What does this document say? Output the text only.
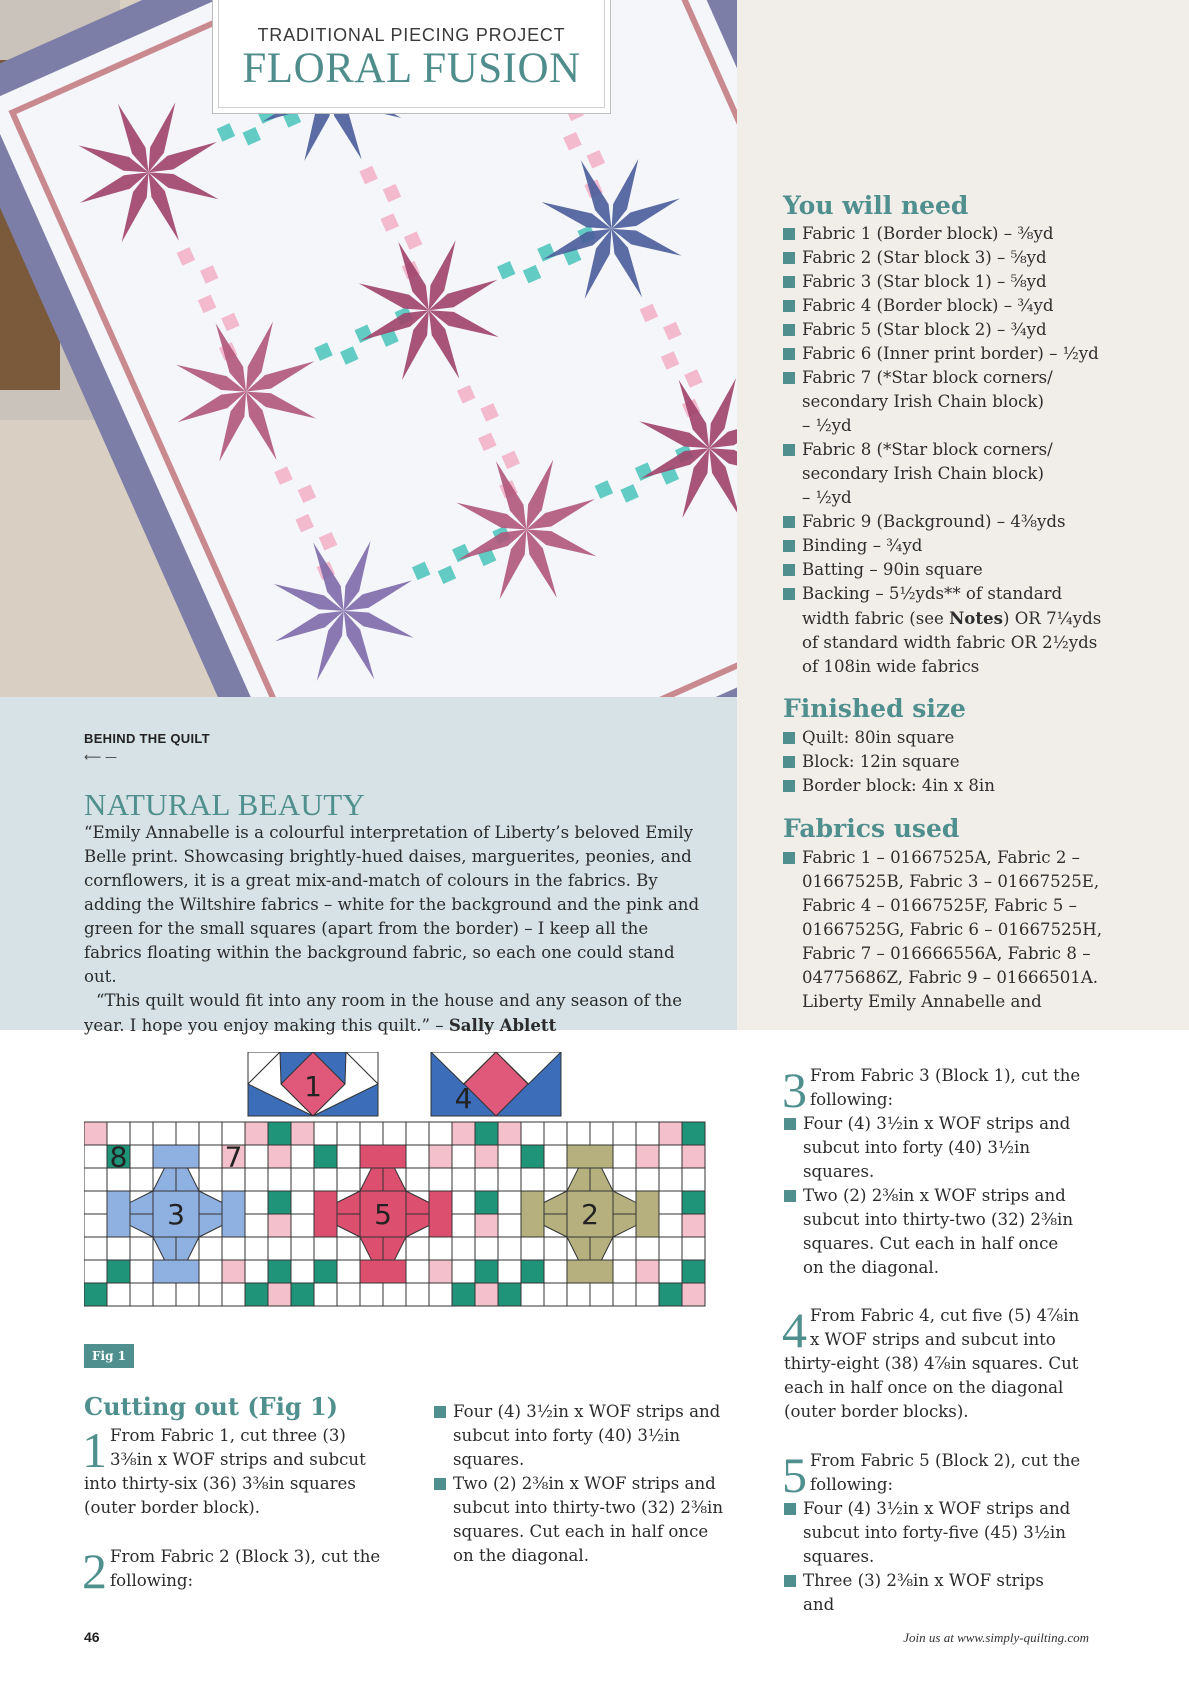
TRADITIONAL PIECING PROJECT
FLORAL FUSION
You will need
Fabric 1 (Border block) – ⅜yd
Fabric 2 (Star block 3) – ⅝yd
Fabric 3 (Star block 1) – ⅝yd
Fabric 4 (Border block) – ¾yd
Fabric 5 (Star block 2) – ¾yd
Fabric 6 (Inner print border) – ½yd
Fabric 7 (*Star block corners/ secondary Irish Chain block) – ½yd
Fabric 8 (*Star block corners/ secondary Irish Chain block) – ½yd
Fabric 9 (Background) – 4⅜yds
Binding – ¾yd
Batting – 90in square
Backing – 5½yds** of standard width fabric (see Notes) OR 7¼yds of standard width fabric OR 2½yds of 108in wide fabrics
Finished size
Quilt: 80in square
Block: 12in square
Border block: 4in x 8in
Fabrics used
Fabric 1 – 01667525A, Fabric 2 – 01667525B, Fabric 3 – 01667525E, Fabric 4 – 01667525F, Fabric 5 – 01667525G, Fabric 6 – 01667525H, Fabric 7 – 016666556A, Fabric 8 – 04775686Z, Fabric 9 – 01666501A. Liberty Emily Annabelle and
BEHIND THE QUILT
⟵ —
NATURAL BEAUTY

“Emily Annabelle is a colourful interpretation of Liberty’s beloved Emily Belle print. Showcasing brightly-hued daises, marguerites, peonies, and cornflowers, it is a great mix-and-match of colours in the fabrics. By adding the Wiltshire fabrics – white for the background and the pink and green for the small squares (apart from the border) – I keep all the fabrics floating within the background fabric, so each one could stand out.

“This quilt would fit into any room in the house and any season of the year. I hope you enjoy making this quilt.” – Sally Ablett

1	4
3
8	7
5	2
Fig 1
Cutting out (Fig 1)
1 From Fabric 1, cut three (3) 3⅜in x WOF strips and subcut into thirty-six (36) 3⅜in squares (outer border block).
2 From Fabric 2 (Block 3), cut the following:
Four (4) 3½in x WOF strips and subcut into forty (40) 3½in squares.
Two (2) 2⅜in x WOF strips and subcut into thirty-two (32) 2⅜in squares. Cut each in half once on the diagonal.
3 From Fabric 3 (Block 1), cut the following:
Four (4) 3½in x WOF strips and subcut into forty (40) 3½in squares.
Two (2) 2⅜in x WOF strips and subcut into thirty-two (32) 2⅜in squares. Cut each in half once on the diagonal.
4 From Fabric 4, cut five (5) 4⅞in x WOF strips and subcut into thirty-eight (38) 4⅞in squares. Cut each in half once on the diagonal (outer border blocks).
5 From Fabric 5 (Block 2), cut the following:
Four (4) 3½in x WOF strips and subcut into forty-five (45) 3½in squares.
Three (3) 2⅜in x WOF strips and
46	Join us at www.simply-quilting.com
